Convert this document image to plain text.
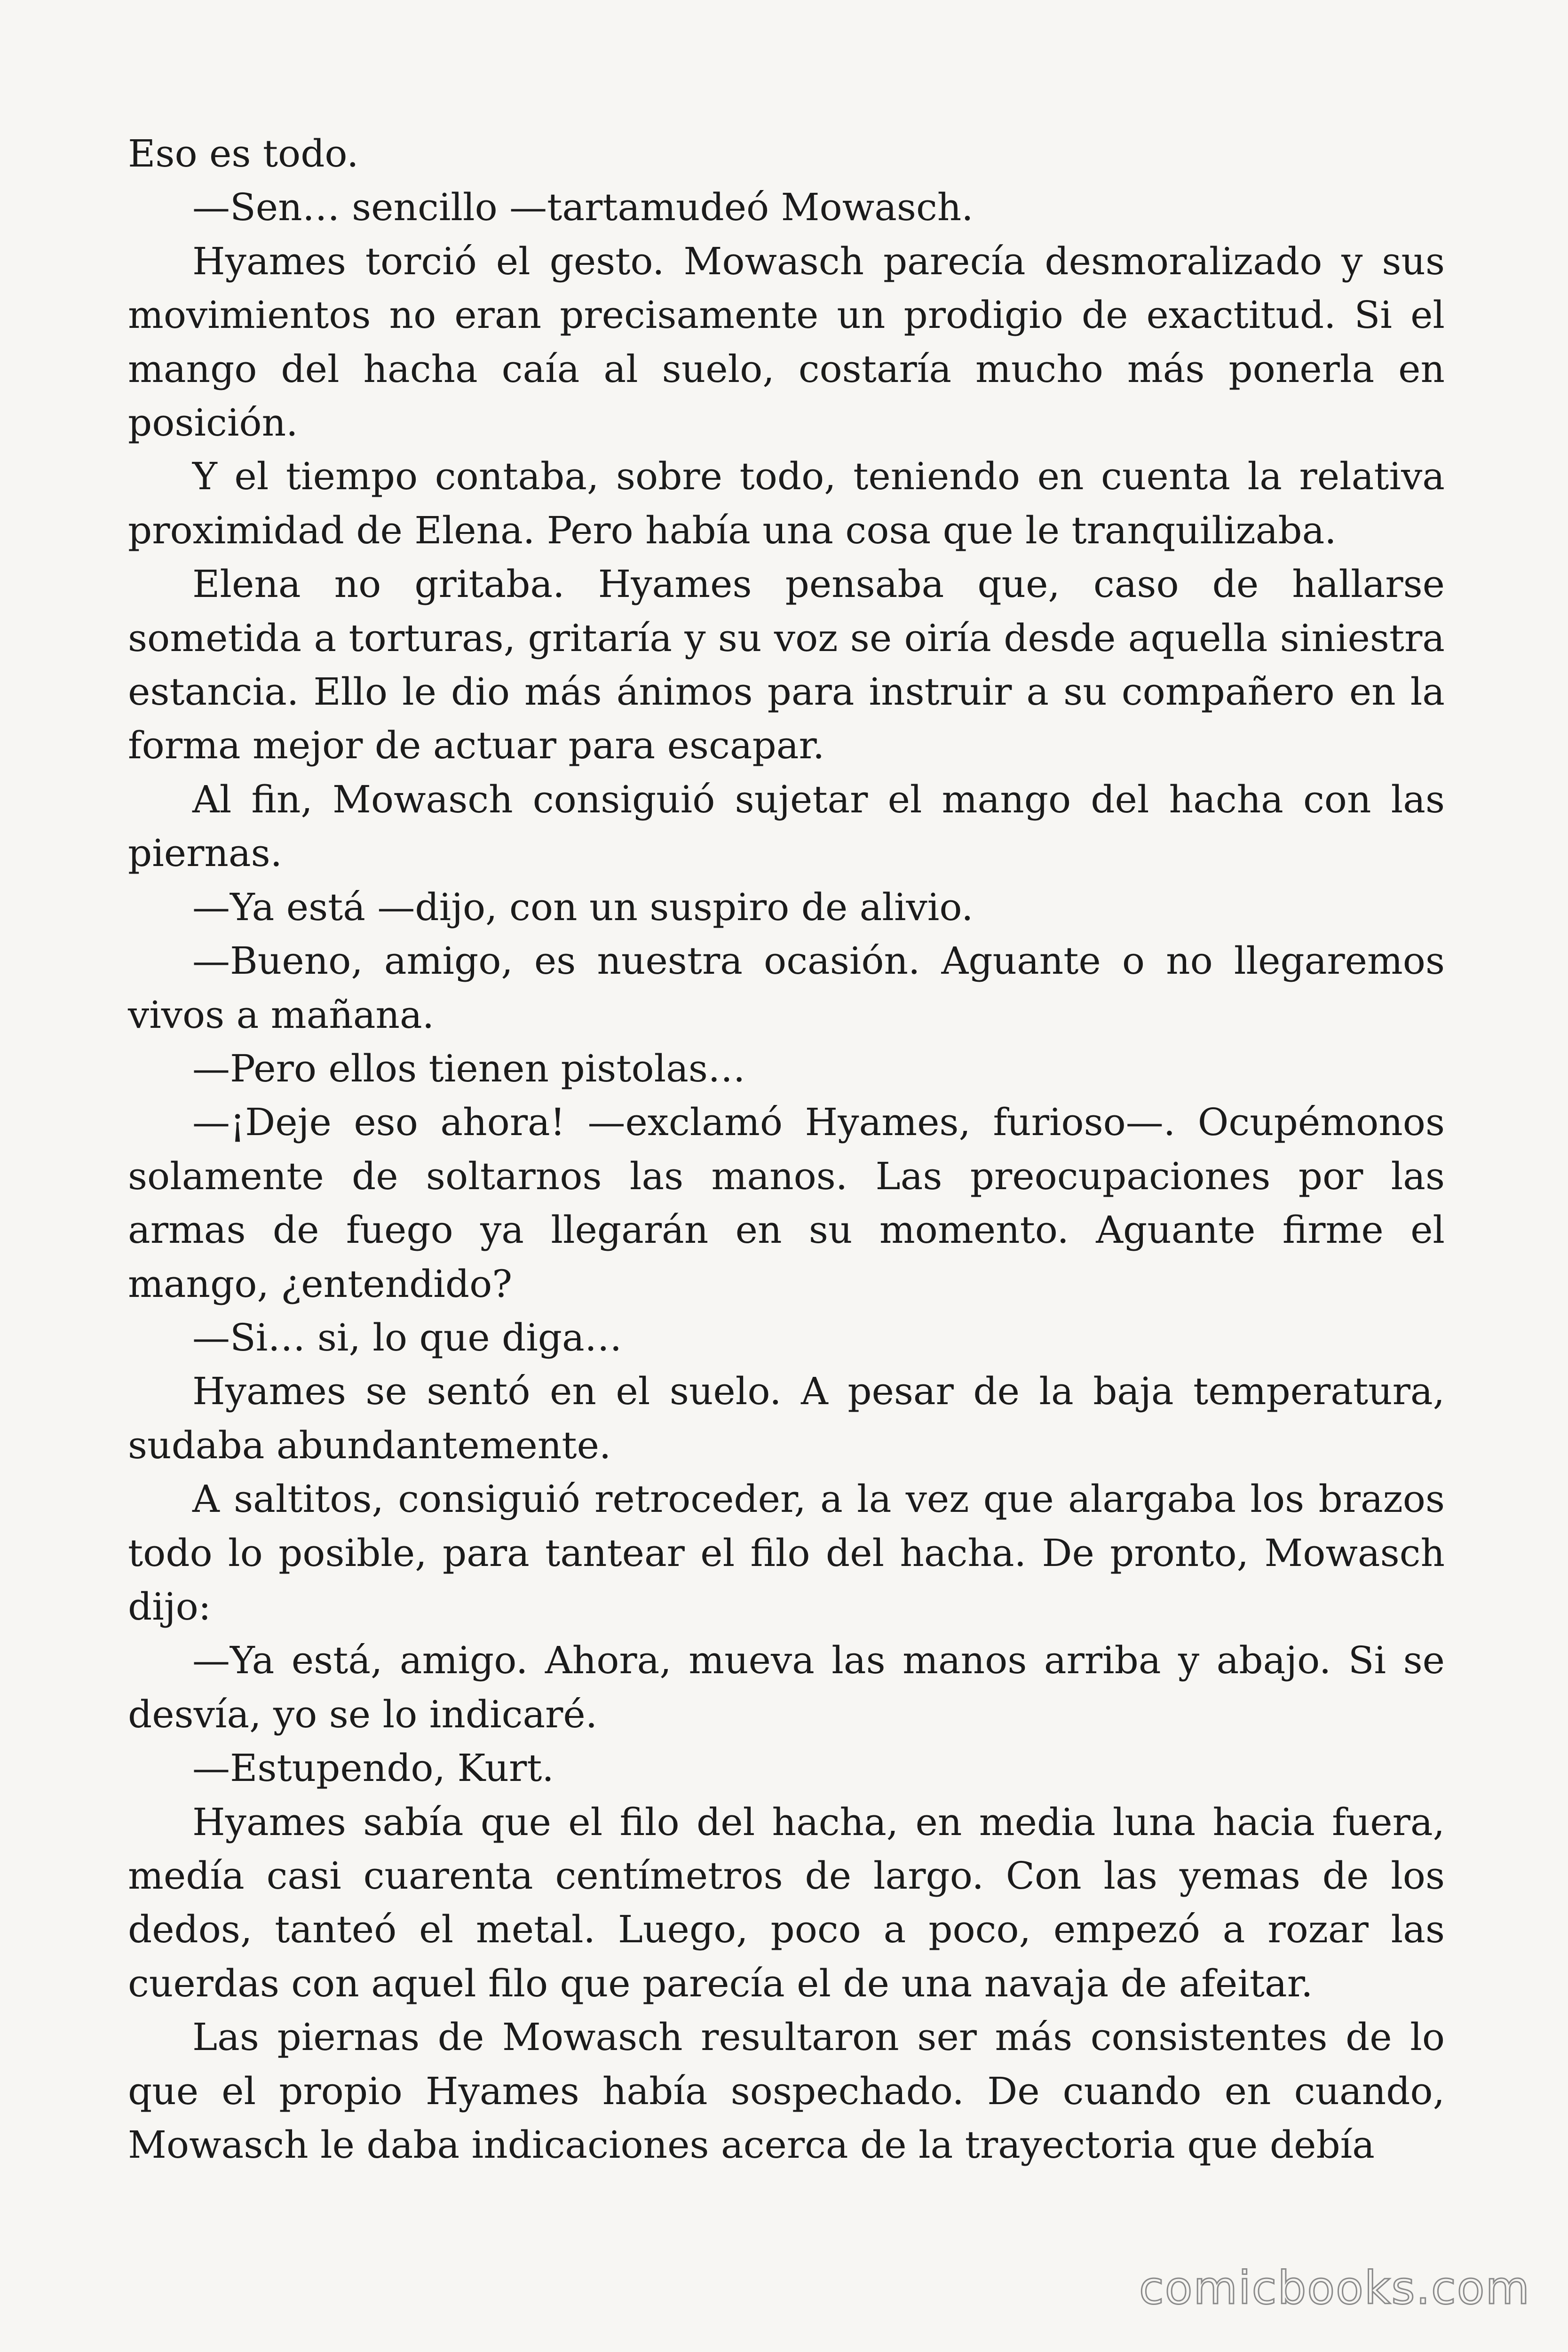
Eso es todo.

—Sen… sencillo —tartamudeó Mowasch.

Hyames torció el gesto. Mowasch parecía desmoralizado y sus movimientos no eran precisamente un prodigio de exactitud. Si el mango del hacha caía al suelo, costaría mucho más ponerla en posición.

Y el tiempo contaba, sobre todo, teniendo en cuenta la relativa proximidad de Elena. Pero había una cosa que le tranquilizaba.

Elena no gritaba. Hyames pensaba que, caso de hallarse sometida a torturas, gritaría y su voz se oiría desde aquella siniestra estancia. Ello le dio más ánimos para instruir a su compañero en la forma mejor de actuar para escapar.

Al fin, Mowasch consiguió sujetar el mango del hacha con las piernas.

—Ya está —dijo, con un suspiro de alivio.

—Bueno, amigo, es nuestra ocasión. Aguante o no llegaremos vivos a mañana.

—Pero ellos tienen pistolas…

—¡Deje eso ahora! —exclamó Hyames, furioso—. Ocupémonos solamente de soltarnos las manos. Las preocupaciones por las armas de fuego ya llegarán en su momento. Aguante firme el mango, ¿entendido?

—Si… si, lo que diga…

Hyames se sentó en el suelo. A pesar de la baja temperatura, sudaba abundantemente.

A saltitos, consiguió retroceder, a la vez que alargaba los brazos todo lo posible, para tantear el filo del hacha. De pronto, Mowasch dijo:

—Ya está, amigo. Ahora, mueva las manos arriba y abajo. Si se desvía, yo se lo indicaré.

—Estupendo, Kurt.

Hyames sabía que el filo del hacha, en media luna hacia fuera, medía casi cuarenta centímetros de largo. Con las yemas de los dedos, tanteó el metal. Luego, poco a poco, empezó a rozar las cuerdas con aquel filo que parecía el de una navaja de afeitar.

Las piernas de Mowasch resultaron ser más consistentes de lo que el propio Hyames había sospechado. De cuando en cuando, Mowasch le daba indicaciones acerca de la trayectoria que debía

comicbooks.com
